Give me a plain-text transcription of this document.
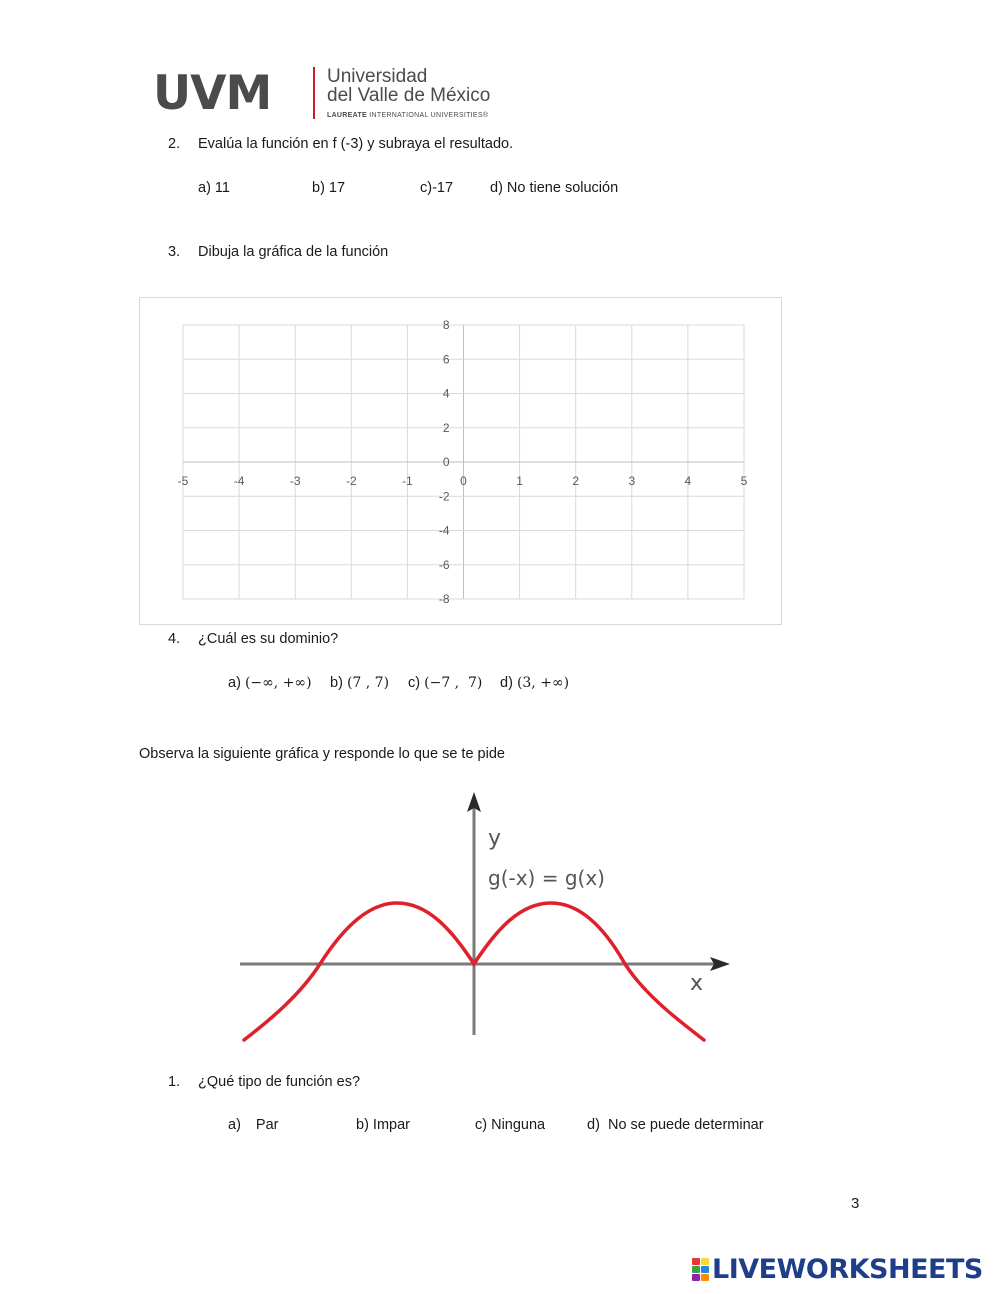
UVM	Universidad
del Valle de México
LAUREATE INTERNATIONAL UNIVERSITIES®
2. Evalúa la función en f (-3) y subraya el resultado.
a) 11	b) 17	c)-17	d) No tiene solución
3. Dibuja la gráfica de la función
-5	-4	-3	-2	-1	0	1	2	3	4	5
8
6
4
2
0
-2
-4
-6
-8
4. ¿Cuál es su dominio?
a) (−∞, +∞) b) (7 , 7) c) (−7 ,  7) d) (3, +∞)
Observa la siguiente gráfica y responde lo que se te pide
y
g(-x) = g(x)
x
1. ¿Qué tipo de función es?
a) Par	b) Impar	c) Ninguna	d) No se puede determinar
3
LIVEWORKSHEETS
